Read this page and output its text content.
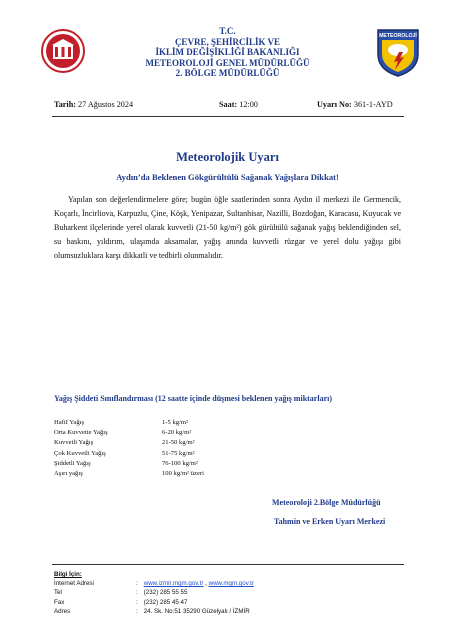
T.C.
ÇEVRE, ŞEHİRCİLİK VE
İKLİM DEĞİŞİKLİĞİ BAKANLIĞI
METEOROLOJİ GENEL MÜDÜRLÜĞÜ
2. BÖLGE MÜDÜRLÜĞÜ
METEOROLOJİ
Tarih: 27 Ağustos 2024	Saat: 12:00	Uyarı No: 361-1-AYD
Meteorolojik Uyarı
Aydın’da Beklenen Gökgürültülü Sağanak Yağışlara Dikkat!
Yapılan son değerlendirmelere göre; bugün öğle saatlerinden sonra Aydın il merkezi ile Germencik, Koçarlı, İncirliova, Karpuzlu, Çine, Köşk, Yenipazar, Sultanhisar, Nazilli, Bozdoğan, Karacasu, Kuyucak ve Buharkent ilçelerinde yerel olarak kuvvetli (21-50 kg/m²) gök gürültülü sağanak yağış beklendiğinden sel, su baskını, yıldırım, ulaşımda aksamalar, yağış anında kuvvetli rüzgar ve yerel dolu yağışı gibi olumsuzluklara karşı dikkatli ve tedbirli olunmalıdır.
Yağış Şiddeti Sınıflandırması (12 saatte içinde düşmesi beklenen yağış miktarları)
Hafif Yağış	1-5 kg/m²
Orta Kuvvette Yağış	6-20 kg/m²
Kuvvetli Yağış	21-50 kg/m²
Çok Kuvvetli Yağış	51-75 kg/m²
Şiddetli Yağış	76-100 kg/m²
Aşırı yağış	100 kg/m² üzeri
Meteoroloji 2.Bölge Müdürlüğü
Tahmin ve Erken Uyarı Merkezi
Bilgi İçin:
İnternet Adresi	: www.izmir.mgm.gov.tr , www.mgm.gov.tr
Tel	: (232) 285 55 55
Fax	: (232) 285 45 47
Adres	: 24. Sk. No:51 35290 Güzelyalı / İZMİR
